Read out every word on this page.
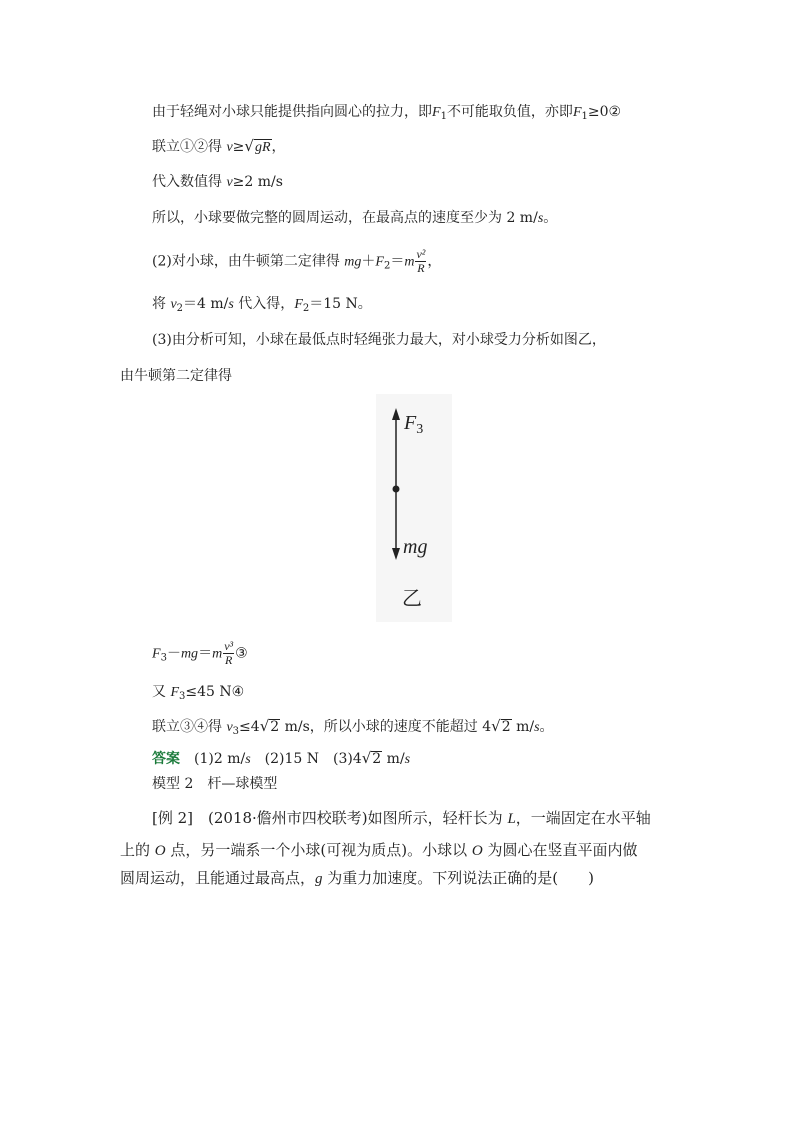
由于轻绳对小球只能提供指向圆心的拉力，即$F_1$不可能取负值，亦即$F_1\ge 0②$
联立①②得 v≥√gR，
代入数值得 v≥2 m/s
所以，小球要做完整的圆周运动，在最高点的速度至少为 2 m/s。
(2)对小球，由牛顿第二定律得 $mg+F_2=m \frac{\text{v²}}{R}$ ，
将 $v_2=4$ m/s 代入得，$F_2=15$ N。
(3)由分析可知，小球在最低点时轻绳张力最大，对小球受力分析如图乙，
由牛顿第二定律得
$F_3$
mg
乙
$F_3-mg=m \frac{\text{v³}}{R}$ ③
又 $F_3\le 45$ N④
联立③④得 $v_3\le 4√2$ m/s，所以小球的速度不能超过 4√2 m/s。
答案　(1)2 m/s　(2)15 N　(3)4√2 m/s
模型 2　杆—球模型
[例 2]　(2018·儋州市四校联考)如图所示，轻杆长为 L，一端固定在水平轴
上的 O 点，另一端系一个小球(可视为质点)。小球以 O 为圆心在竖直平面内做
圆周运动，且能通过最高点，g 为重力加速度。下列说法正确的是(　　)
